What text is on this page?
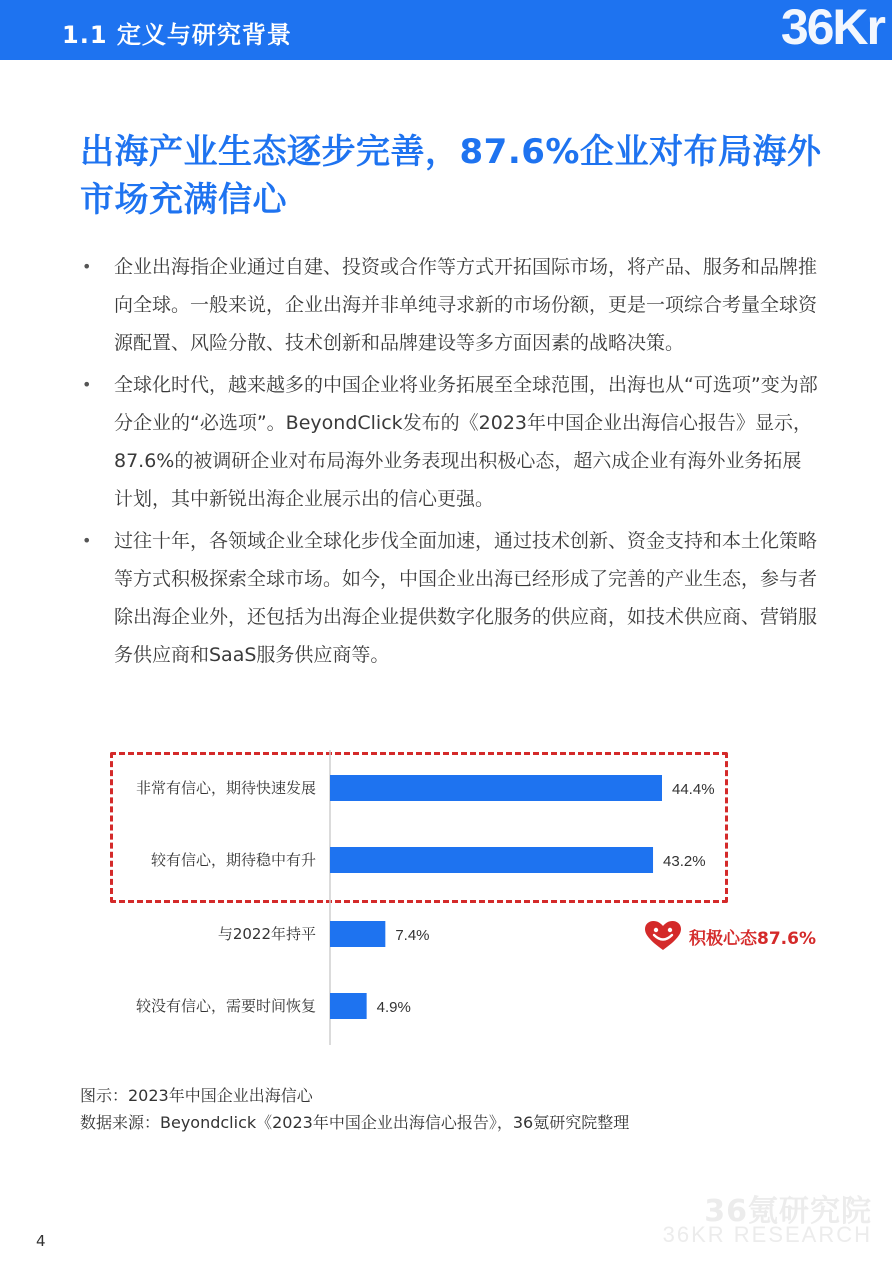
1.1 定义与研究背景	36Kr
出海产业生态逐步完善，87.6%企业对布局海外市场充满信心
• 企业出海指企业通过自建、投资或合作等方式开拓国际市场，将产品、服务和品牌推向全球。一般来说，企业出海并非单纯寻求新的市场份额，更是一项综合考量全球资源配置、风险分散、技术创新和品牌建设等多方面因素的战略决策。
• 全球化时代，越来越多的中国企业将业务拓展至全球范围，出海也从“可选项”变为部分企业的“必选项”。BeyondClick发布的《2023年中国企业出海信心报告》显示，87.6%的被调研企业对布局海外业务表现出积极心态，超六成企业有海外业务拓展计划，其中新锐出海企业展示出的信心更强。
• 过往十年，各领域企业全球化步伐全面加速，通过技术创新、资金支持和本土化策略等方式积极探索全球市场。如今，中国企业出海已经形成了完善的产业生态，参与者除出海企业外，还包括为出海企业提供数字化服务的供应商，如技术供应商、营销服务供应商和SaaS服务供应商等。
非常有信心，期待快速发展	44.4%
较有信心，期待稳中有升	43.2%
与2022年持平	7.4%
较没有信心，需要时间恢复	4.9%
积极心态87.6%
图示：2023年中国企业出海信心
数据来源：Beyondclick《2023年中国企业出海信心报告》，36氪研究院整理
4
36氪研究院
36KR RESEARCH
